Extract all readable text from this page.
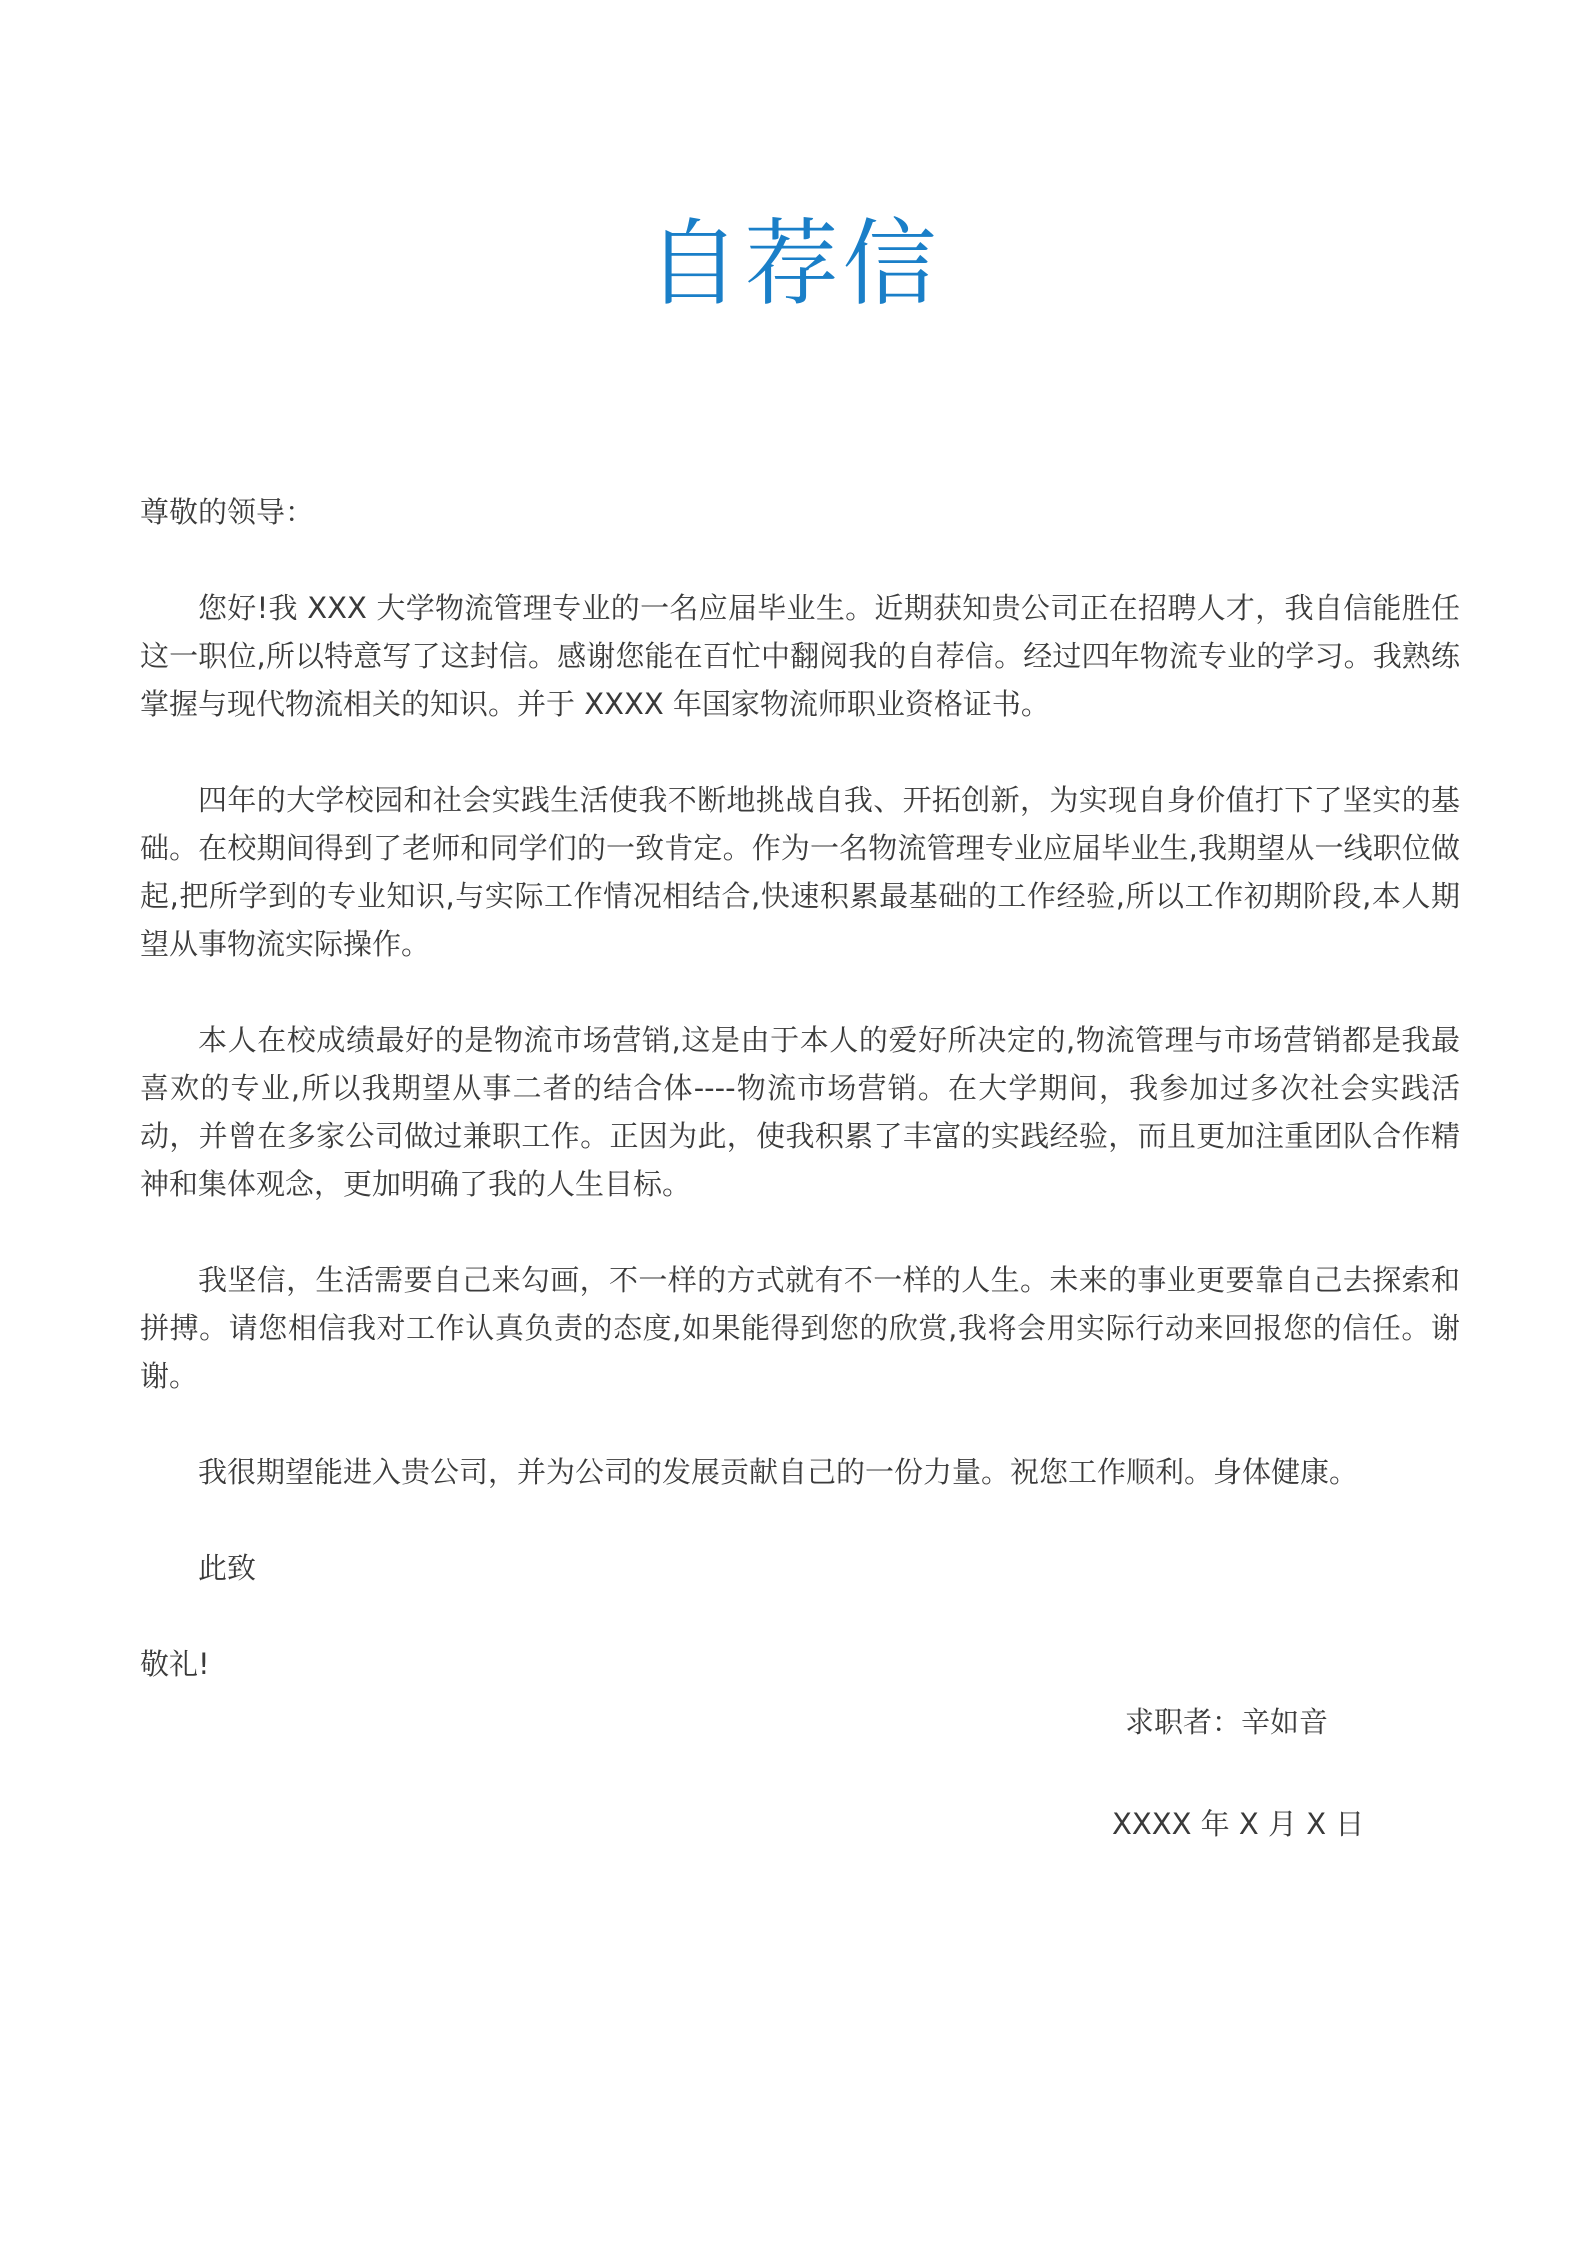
自荐信

尊敬的领导：

您好!我 XXX 大学物流管理专业的一名应届毕业生。近期获知贵公司正在招聘人才，我自信能胜任这一职位,所以特意写了这封信。感谢您能在百忙中翻阅我的自荐信。经过四年物流专业的学习。我熟练掌握与现代物流相关的知识。并于 XXXX 年国家物流师职业资格证书。

四年的大学校园和社会实践生活使我不断地挑战自我、开拓创新，为实现自身价值打下了坚实的基础。在校期间得到了老师和同学们的一致肯定。作为一名物流管理专业应届毕业生,我期望从一线职位做起,把所学到的专业知识,与实际工作情况相结合,快速积累最基础的工作经验,所以工作初期阶段,本人期望从事物流实际操作。

本人在校成绩最好的是物流市场营销,这是由于本人的爱好所决定的,物流管理与市场营销都是我最喜欢的专业,所以我期望从事二者的结合体----物流市场营销。在大学期间，我参加过多次社会实践活动，并曾在多家公司做过兼职工作。正因为此，使我积累了丰富的实践经验，而且更加注重团队合作精神和集体观念，更加明确了我的人生目标。

我坚信，生活需要自己来勾画，不一样的方式就有不一样的人生。未来的事业更要靠自己去探索和拼搏。请您相信我对工作认真负责的态度,如果能得到您的欣赏,我将会用实际行动来回报您的信任。谢谢。

我很期望能进入贵公司，并为公司的发展贡献自己的一份力量。祝您工作顺利。身体健康。

此致

敬礼!

求职者：辛如音
XXXX 年 X 月 X 日
